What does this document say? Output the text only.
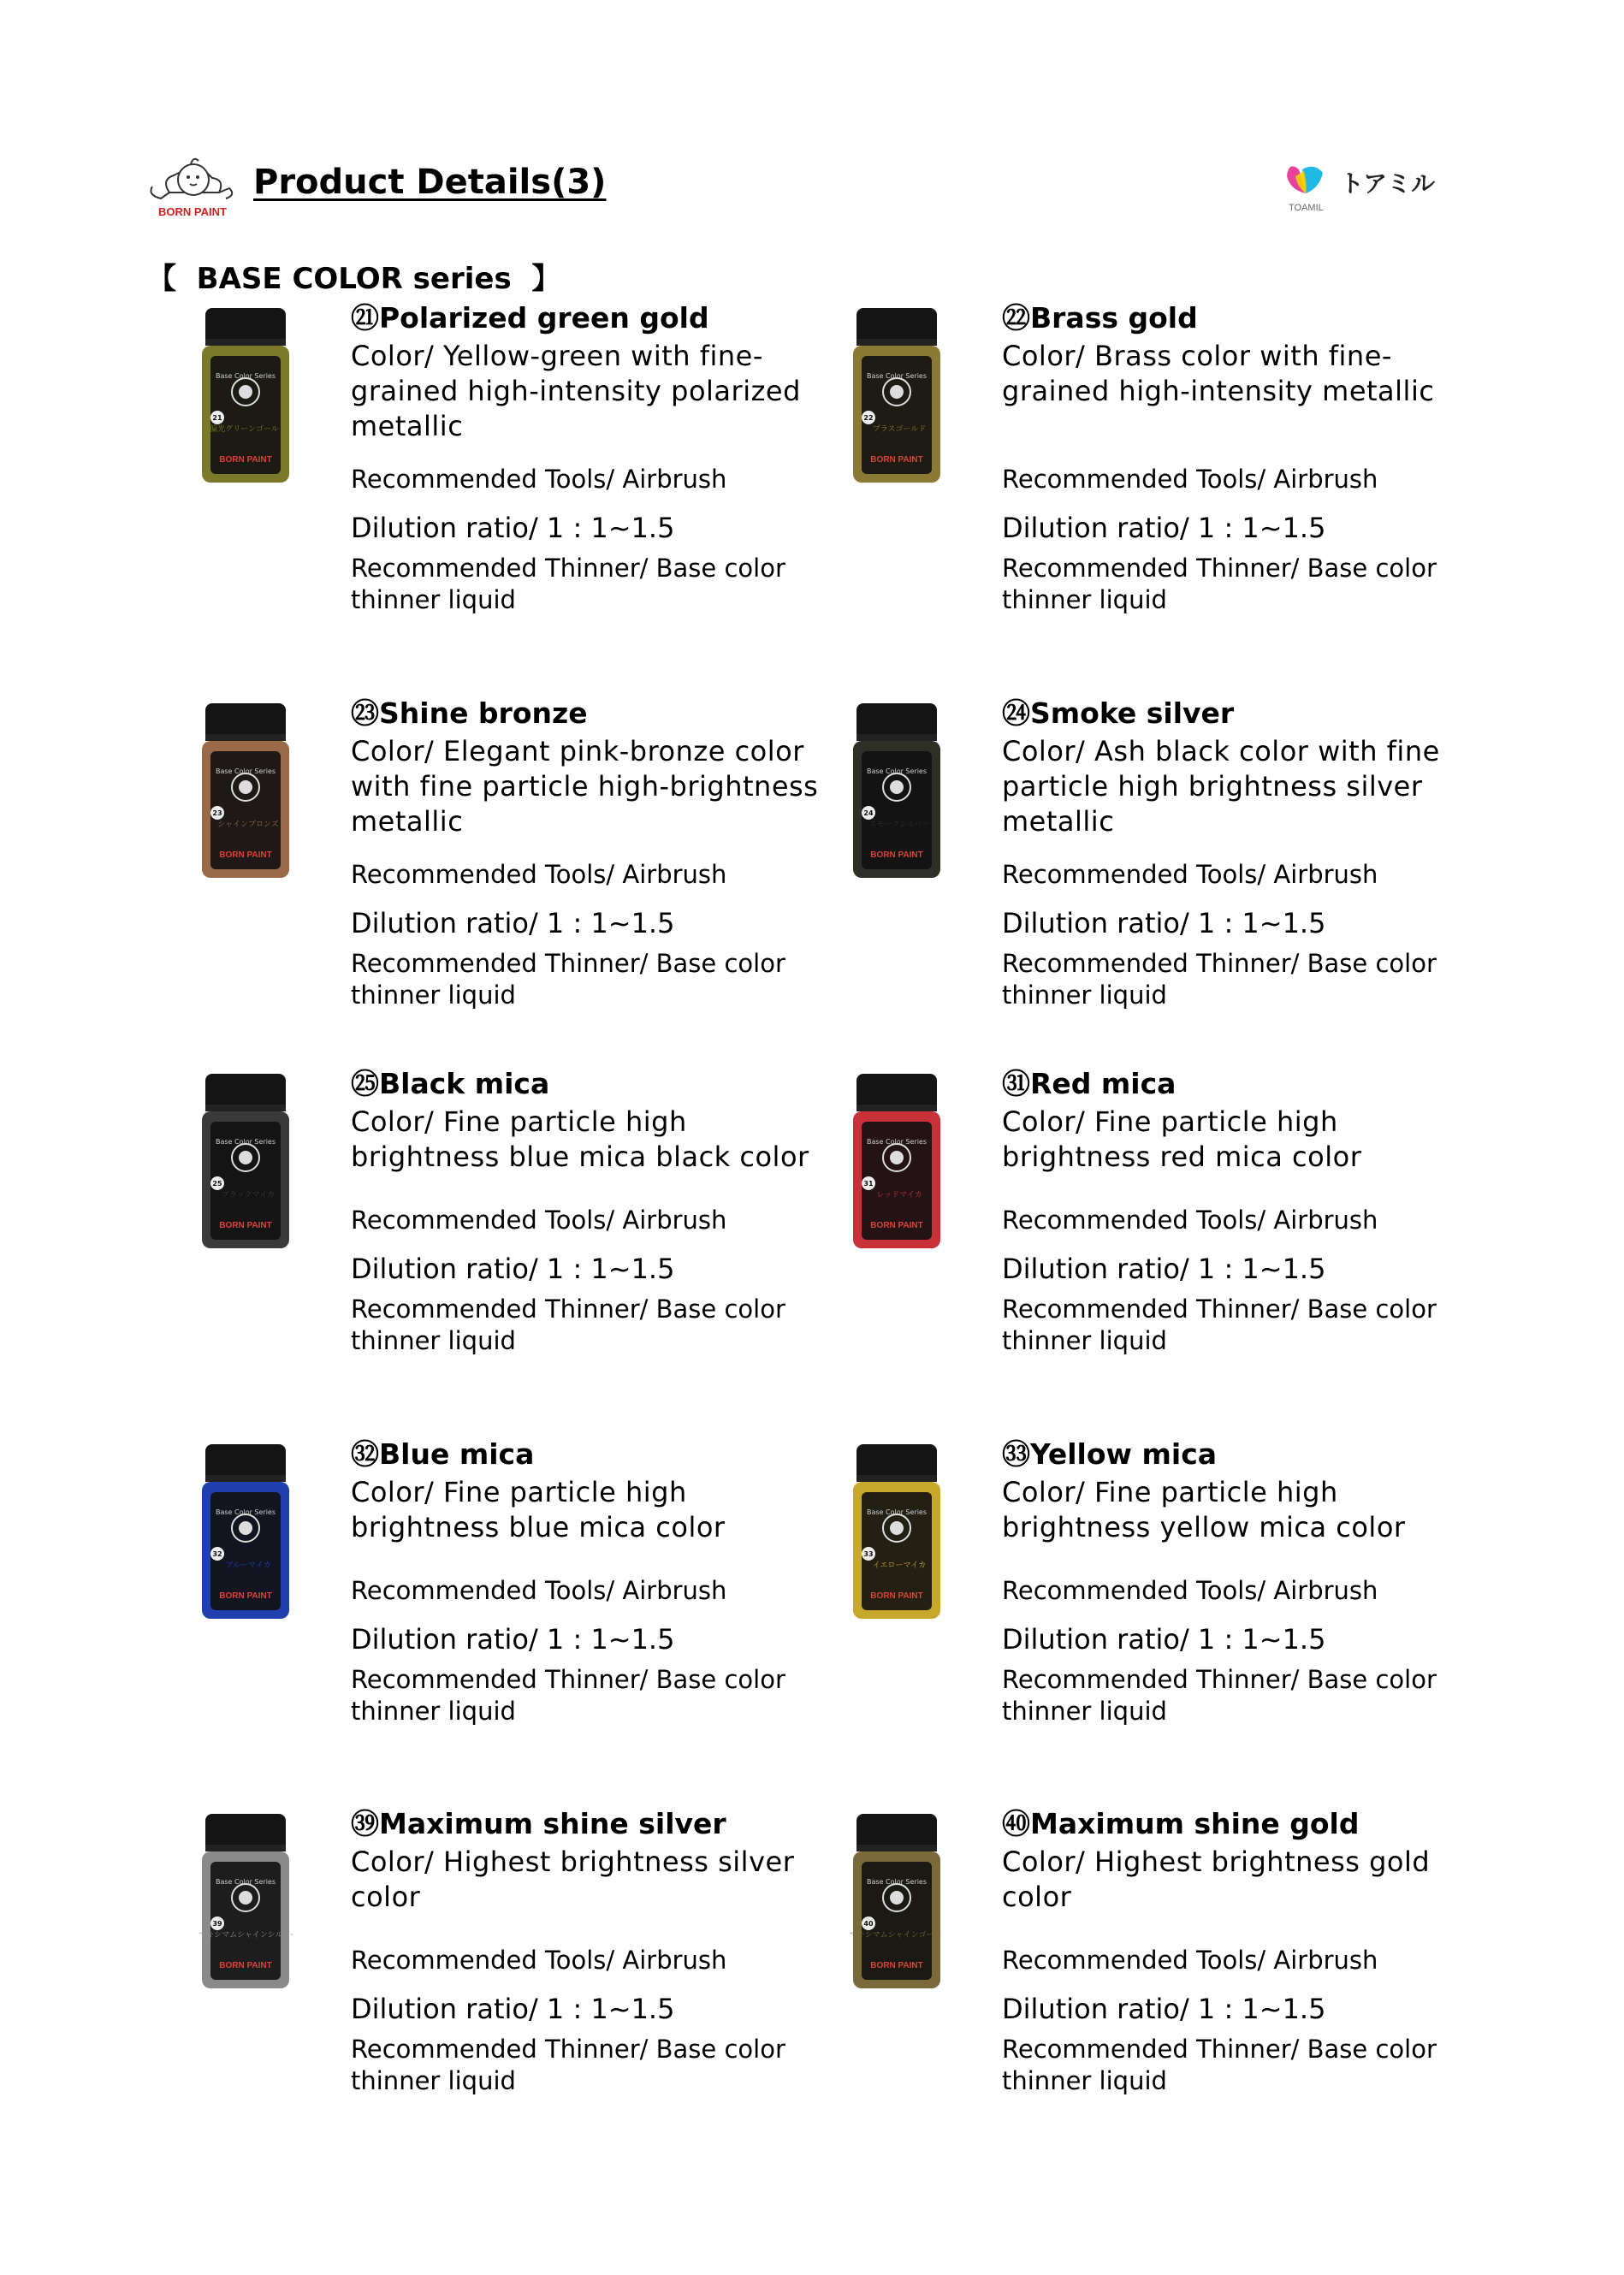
BORN PAINT
Product Details(3)	トアミル
TOAMIL
【  BASE COLOR series  】
Base Color Series
21
偏光グリーンゴールド
BORN PAINT
㉑Polarized green gold
Color/ Yellow-green with fine-grained high-intensity polarized metallic
Recommended Tools/ Airbrush
Dilution ratio/ 1 : 1~1.5
Recommended Thinner/ Base color thinner liquid
Base Color Series
22
ブラスゴールド
BORN PAINT
㉒Brass gold
Color/ Brass color with fine-grained high-intensity metallic
Recommended Tools/ Airbrush
Dilution ratio/ 1 : 1~1.5
Recommended Thinner/ Base color thinner liquid
Base Color Series
23
シャインブロンズ
BORN PAINT
㉓Shine bronze
Color/ Elegant pink-bronze color with fine particle high-brightness metallic
Recommended Tools/ Airbrush
Dilution ratio/ 1 : 1~1.5
Recommended Thinner/ Base color thinner liquid
Base Color Series
24
スモークシルバー
BORN PAINT
㉔Smoke silver
Color/ Ash black color with fine particle high brightness silver metallic
Recommended Tools/ Airbrush
Dilution ratio/ 1 : 1~1.5
Recommended Thinner/ Base color thinner liquid
Base Color Series
25
ブラックマイカ
BORN PAINT
㉕Black mica
Color/ Fine particle high brightness blue mica black color
Recommended Tools/ Airbrush
Dilution ratio/ 1 : 1~1.5
Recommended Thinner/ Base color thinner liquid
Base Color Series
31
レッドマイカ
BORN PAINT
㉛Red mica
Color/ Fine particle high brightness red mica color
Recommended Tools/ Airbrush
Dilution ratio/ 1 : 1~1.5
Recommended Thinner/ Base color thinner liquid
Base Color Series
32
ブルーマイカ
BORN PAINT
㉜Blue mica
Color/ Fine particle high brightness blue mica color
Recommended Tools/ Airbrush
Dilution ratio/ 1 : 1~1.5
Recommended Thinner/ Base color thinner liquid
Base Color Series
33
イエローマイカ
BORN PAINT
㉝Yellow mica
Color/ Fine particle high brightness yellow mica color
Recommended Tools/ Airbrush
Dilution ratio/ 1 : 1~1.5
Recommended Thinner/ Base color thinner liquid
Base Color Series
39
マキシマムシャインシルバー
BORN PAINT
㊴Maximum shine silver
Color/ Highest brightness silver color
Recommended Tools/ Airbrush
Dilution ratio/ 1 : 1~1.5
Recommended Thinner/ Base color thinner liquid
Base Color Series
40
マキシマムシャインゴールド
BORN PAINT
㊵Maximum shine gold
Color/ Highest brightness gold color
Recommended Tools/ Airbrush
Dilution ratio/ 1 : 1~1.5
Recommended Thinner/ Base color thinner liquid
